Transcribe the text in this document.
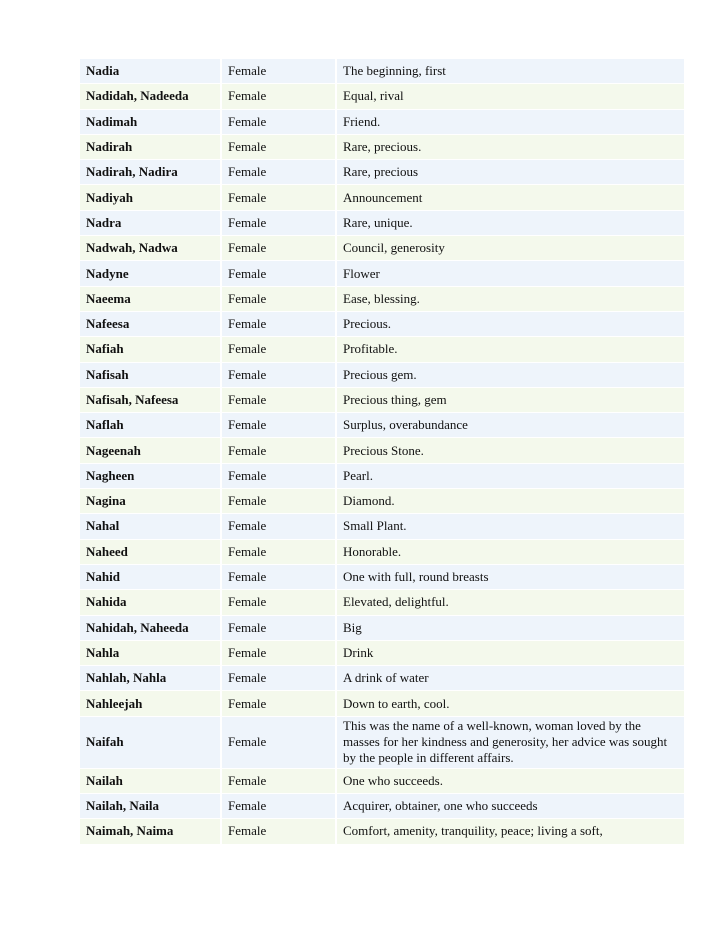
Nadia	Female	The beginning, first
Nadidah, Nadeeda	Female	Equal, rival
Nadimah	Female	Friend.
Nadirah	Female	Rare, precious.
Nadirah, Nadira	Female	Rare, precious
Nadiyah	Female	Announcement
Nadra	Female	Rare, unique.
Nadwah, Nadwa	Female	Council, generosity
Nadyne	Female	Flower
Naeema	Female	Ease, blessing.
Nafeesa	Female	Precious.
Nafiah	Female	Profitable.
Nafisah	Female	Precious gem.
Nafisah, Nafeesa	Female	Precious thing, gem
Naflah	Female	Surplus, overabundance
Nageenah	Female	Precious Stone.
Nagheen	Female	Pearl.
Nagina	Female	Diamond.
Nahal	Female	Small Plant.
Naheed	Female	Honorable.
Nahid	Female	One with full, round breasts
Nahida	Female	Elevated, delightful.
Nahidah, Naheeda	Female	Big
Nahla	Female	Drink
Nahlah, Nahla	Female	A drink of water
Nahleejah	Female	Down to earth, cool.
Naifah	Female	This was the name of a well-known, woman loved by the masses for her kindness and generosity, her advice was sought by the people in different affairs.
Nailah	Female	One who succeeds.
Nailah, Naila	Female	Acquirer, obtainer, one who succeeds
Naimah, Naima	Female	Comfort, amenity, tranquility, peace; living a soft,
